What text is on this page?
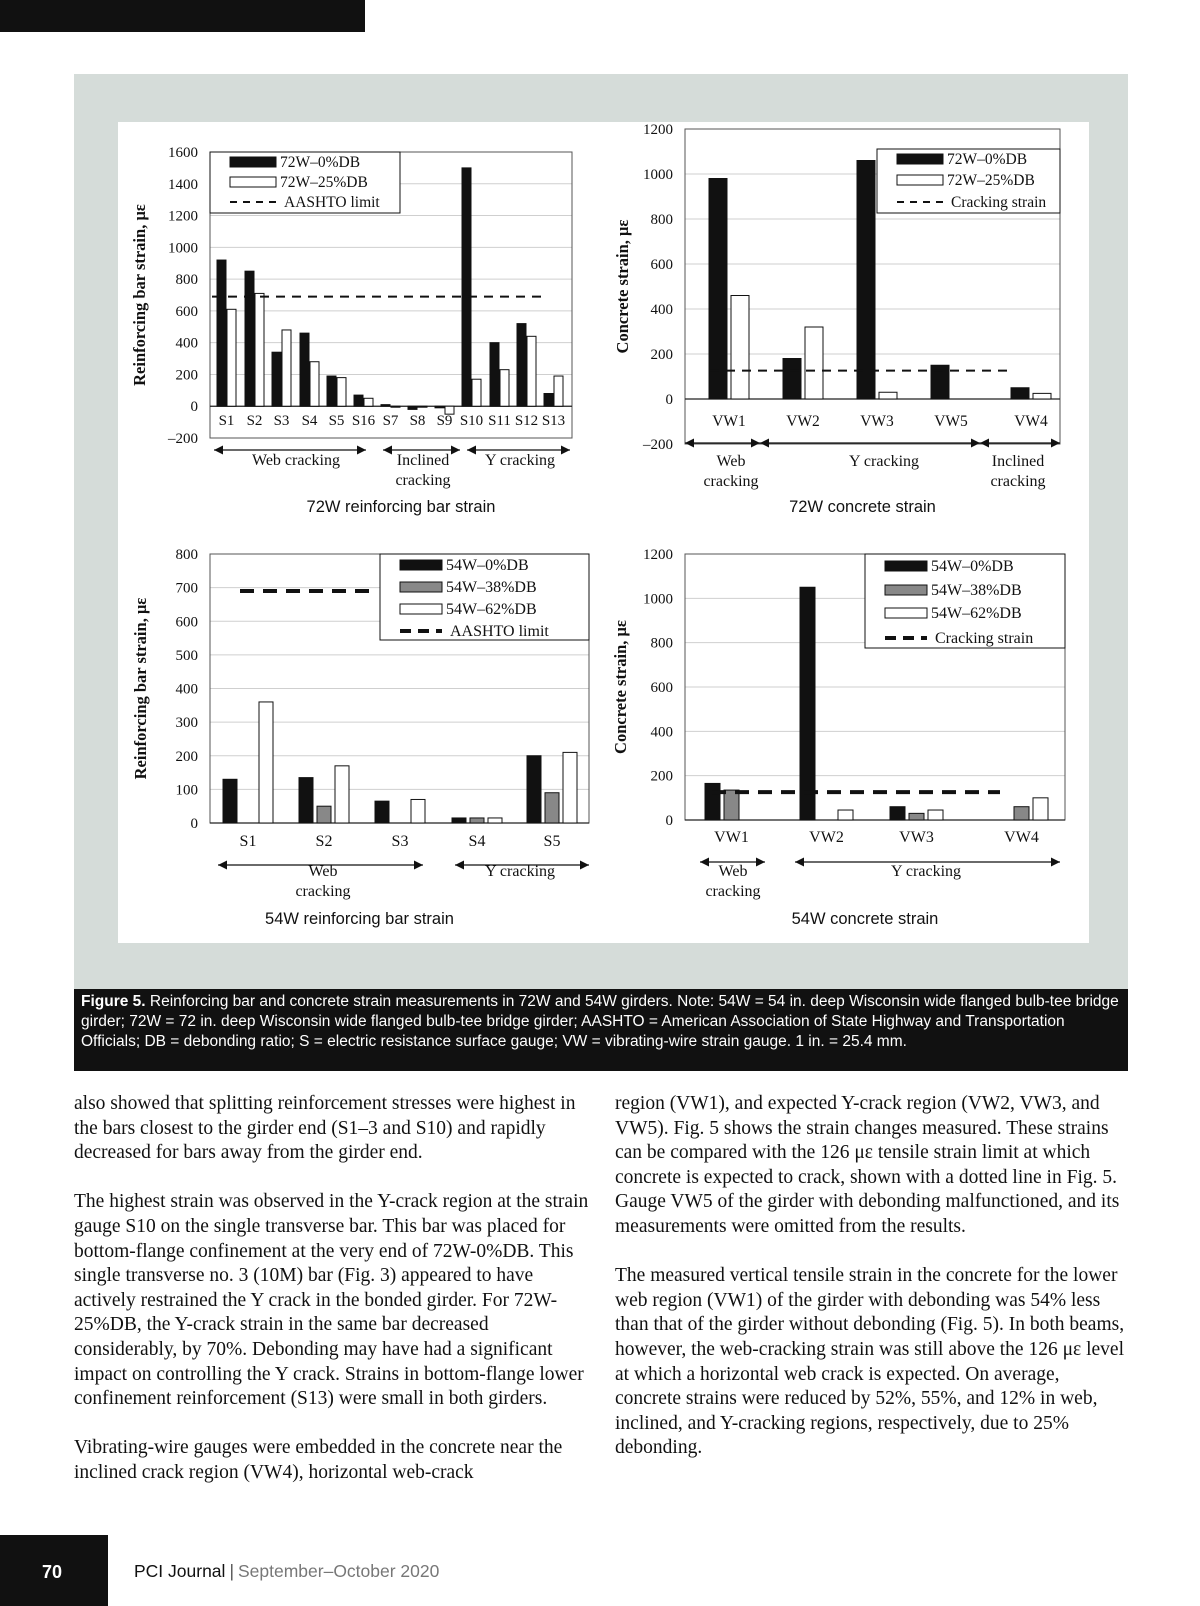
1600
1400
1200
1000
800
600
400
200
0
–200
S1 S2 S3 S4 S5 S16 S7 S8 S9 S10 S11 S12 S13
72W–0%DB
72W–25%DB
AASHTO limit
Web cracking	Inclined
cracking
Y cracking
Reinforcing bar strain, με
72W reinforcing bar strain
1200
1000
800
600
400
200
0
–200
VW1	VW2	VW3	VW5	VW4
72W–0%DB
72W–25%DB
Cracking strain
Web
cracking
Y cracking	Inclined
cracking
Concrete strain, με
72W concrete strain
800
700
600
500
400
300
200
100
0
S1	S2	S3	S4	S5
54W–0%DB
54W–38%DB
54W–62%DB
AASHTO limit
Web
cracking
Y cracking
Reinforcing bar strain, με
54W reinforcing bar strain
1200
1000
800
600
400
200
0
VW1	VW2	VW3	VW4
54W–0%DB
54W–38%DB
54W–62%DB
Cracking strain
Web
cracking
Y cracking
Concrete strain, με
54W concrete strain
Figure 5. Reinforcing bar and concrete strain measurements in 72W and 54W girders. Note: 54W = 54 in. deep Wisconsin wide flanged bulb-tee bridge girder; 72W = 72 in. deep Wisconsin wide flanged bulb-tee bridge girder; AASHTO = American Association of State Highway and Transportation Officials; DB = debonding ratio; S = electric resistance surface gauge; VW = vibrating-wire strain gauge. 1 in. = 25.4 mm.

also showed that splitting reinforcement stresses were highest in the bars closest to the girder end (S1–3 and S10) and rapidly decreased for bars away from the girder end.

The highest strain was observed in the Y-crack region at the strain gauge S10 on the single transverse bar. This bar was placed for bottom-flange confinement at the very end of 72W-0%DB. This single transverse no. 3 (10M) bar (Fig. 3) appeared to have actively restrained the Y crack in the bonded girder. For 72W-25%DB, the Y-crack strain in the same bar decreased considerably, by 70%. Debonding may have had a significant impact on controlling the Y crack. Strains in bottom-flange lower confinement reinforcement (S13) were small in both girders.

Vibrating-wire gauges were embedded in the concrete near the inclined crack region (VW4), horizontal web-crack

region (VW1), and expected Y-crack region (VW2, VW3, and VW5). Fig. 5 shows the strain changes measured. These strains can be compared with the 126 με tensile strain limit at which concrete is expected to crack, shown with a dotted line in Fig. 5. Gauge VW5 of the girder with debonding malfunctioned, and its measurements were omitted from the results.

The measured vertical tensile strain in the concrete for the lower web region (VW1) of the girder with debonding was 54% less than that of the girder without debonding (Fig. 5). In both beams, however, the web-cracking strain was still above the 126 με level at which a horizontal web crack is expected. On average, concrete strains were reduced by 52%, 55%, and 12% in web, inclined, and Y-cracking regions, respectively, due to 25% debonding.

70	PCI Journal | September–October 2020
